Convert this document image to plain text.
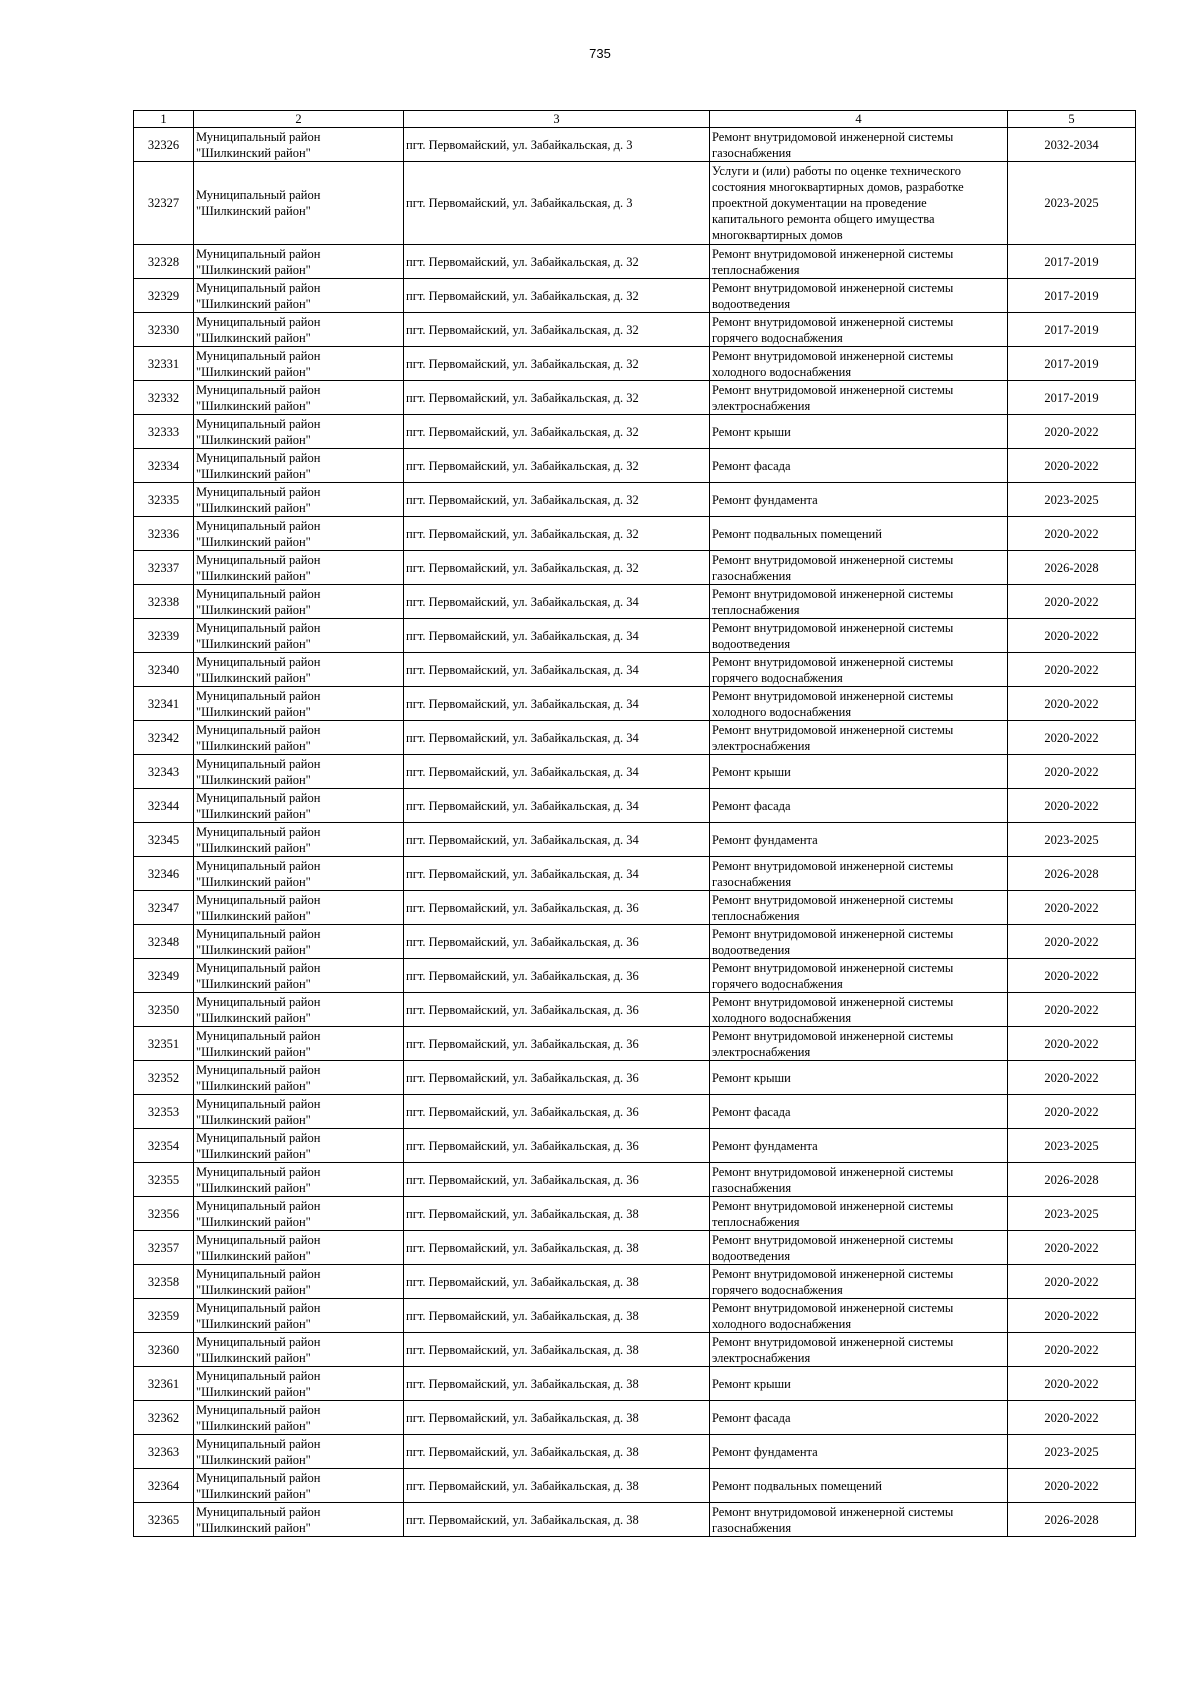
735
1	2	3	4	5

32326	Муниципальный район
"Шилкинский район"	пгт. Первомайский, ул. Забайкальская, д. 3	Ремонт внутридомовой инженерной системы
газоснабжения	2032-2034

32327	Муниципальный район
"Шилкинский район"	пгт. Первомайский, ул. Забайкальская, д. 3	Услуги и (или) работы по оценке технического
состояния многоквартирных домов, разработке
проектной документации на проведение
капитального ремонта общего имущества
многоквартирных домов	2023-2025

32328	Муниципальный район
"Шилкинский район"	пгт. Первомайский, ул. Забайкальская, д. 32	Ремонт внутридомовой инженерной системы
теплоснабжения	2017-2019

32329	Муниципальный район
"Шилкинский район"	пгт. Первомайский, ул. Забайкальская, д. 32	Ремонт внутридомовой инженерной системы
водоотведения	2017-2019

32330	Муниципальный район
"Шилкинский район"	пгт. Первомайский, ул. Забайкальская, д. 32	Ремонт внутридомовой инженерной системы
горячего водоснабжения	2017-2019

32331	Муниципальный район
"Шилкинский район"	пгт. Первомайский, ул. Забайкальская, д. 32	Ремонт внутридомовой инженерной системы
холодного водоснабжения	2017-2019

32332	Муниципальный район
"Шилкинский район"	пгт. Первомайский, ул. Забайкальская, д. 32	Ремонт внутридомовой инженерной системы
электроснабжения	2017-2019

32333	Муниципальный район
"Шилкинский район"	пгт. Первомайский, ул. Забайкальская, д. 32	Ремонт крыши	2020-2022

32334	Муниципальный район
"Шилкинский район"	пгт. Первомайский, ул. Забайкальская, д. 32	Ремонт фасада	2020-2022

32335	Муниципальный район
"Шилкинский район"	пгт. Первомайский, ул. Забайкальская, д. 32	Ремонт фундамента	2023-2025

32336	Муниципальный район
"Шилкинский район"	пгт. Первомайский, ул. Забайкальская, д. 32	Ремонт подвальных помещений	2020-2022

32337	Муниципальный район
"Шилкинский район"	пгт. Первомайский, ул. Забайкальская, д. 32	Ремонт внутридомовой инженерной системы
газоснабжения	2026-2028

32338	Муниципальный район
"Шилкинский район"	пгт. Первомайский, ул. Забайкальская, д. 34	Ремонт внутридомовой инженерной системы
теплоснабжения	2020-2022

32339	Муниципальный район
"Шилкинский район"	пгт. Первомайский, ул. Забайкальская, д. 34	Ремонт внутридомовой инженерной системы
водоотведения	2020-2022

32340	Муниципальный район
"Шилкинский район"	пгт. Первомайский, ул. Забайкальская, д. 34	Ремонт внутридомовой инженерной системы
горячего водоснабжения	2020-2022

32341	Муниципальный район
"Шилкинский район"	пгт. Первомайский, ул. Забайкальская, д. 34	Ремонт внутридомовой инженерной системы
холодного водоснабжения	2020-2022

32342	Муниципальный район
"Шилкинский район"	пгт. Первомайский, ул. Забайкальская, д. 34	Ремонт внутридомовой инженерной системы
электроснабжения	2020-2022

32343	Муниципальный район
"Шилкинский район"	пгт. Первомайский, ул. Забайкальская, д. 34	Ремонт крыши	2020-2022

32344	Муниципальный район
"Шилкинский район"	пгт. Первомайский, ул. Забайкальская, д. 34	Ремонт фасада	2020-2022

32345	Муниципальный район
"Шилкинский район"	пгт. Первомайский, ул. Забайкальская, д. 34	Ремонт фундамента	2023-2025

32346	Муниципальный район
"Шилкинский район"	пгт. Первомайский, ул. Забайкальская, д. 34	Ремонт внутридомовой инженерной системы
газоснабжения	2026-2028

32347	Муниципальный район
"Шилкинский район"	пгт. Первомайский, ул. Забайкальская, д. 36	Ремонт внутридомовой инженерной системы
теплоснабжения	2020-2022

32348	Муниципальный район
"Шилкинский район"	пгт. Первомайский, ул. Забайкальская, д. 36	Ремонт внутридомовой инженерной системы
водоотведения	2020-2022

32349	Муниципальный район
"Шилкинский район"	пгт. Первомайский, ул. Забайкальская, д. 36	Ремонт внутридомовой инженерной системы
горячего водоснабжения	2020-2022

32350	Муниципальный район
"Шилкинский район"	пгт. Первомайский, ул. Забайкальская, д. 36	Ремонт внутридомовой инженерной системы
холодного водоснабжения	2020-2022

32351	Муниципальный район
"Шилкинский район"	пгт. Первомайский, ул. Забайкальская, д. 36	Ремонт внутридомовой инженерной системы
электроснабжения	2020-2022

32352	Муниципальный район
"Шилкинский район"	пгт. Первомайский, ул. Забайкальская, д. 36	Ремонт крыши	2020-2022

32353	Муниципальный район
"Шилкинский район"	пгт. Первомайский, ул. Забайкальская, д. 36	Ремонт фасада	2020-2022

32354	Муниципальный район
"Шилкинский район"	пгт. Первомайский, ул. Забайкальская, д. 36	Ремонт фундамента	2023-2025

32355	Муниципальный район
"Шилкинский район"	пгт. Первомайский, ул. Забайкальская, д. 36	Ремонт внутридомовой инженерной системы
газоснабжения	2026-2028

32356	Муниципальный район
"Шилкинский район"	пгт. Первомайский, ул. Забайкальская, д. 38	Ремонт внутридомовой инженерной системы
теплоснабжения	2023-2025

32357	Муниципальный район
"Шилкинский район"	пгт. Первомайский, ул. Забайкальская, д. 38	Ремонт внутридомовой инженерной системы
водоотведения	2020-2022

32358	Муниципальный район
"Шилкинский район"	пгт. Первомайский, ул. Забайкальская, д. 38	Ремонт внутридомовой инженерной системы
горячего водоснабжения	2020-2022

32359	Муниципальный район
"Шилкинский район"	пгт. Первомайский, ул. Забайкальская, д. 38	Ремонт внутридомовой инженерной системы
холодного водоснабжения	2020-2022

32360	Муниципальный район
"Шилкинский район"	пгт. Первомайский, ул. Забайкальская, д. 38	Ремонт внутридомовой инженерной системы
электроснабжения	2020-2022

32361	Муниципальный район
"Шилкинский район"	пгт. Первомайский, ул. Забайкальская, д. 38	Ремонт крыши	2020-2022

32362	Муниципальный район
"Шилкинский район"	пгт. Первомайский, ул. Забайкальская, д. 38	Ремонт фасада	2020-2022

32363	Муниципальный район
"Шилкинский район"	пгт. Первомайский, ул. Забайкальская, д. 38	Ремонт фундамента	2023-2025

32364	Муниципальный район
"Шилкинский район"	пгт. Первомайский, ул. Забайкальская, д. 38	Ремонт подвальных помещений	2020-2022

32365	Муниципальный район
"Шилкинский район"	пгт. Первомайский, ул. Забайкальская, д. 38	Ремонт внутридомовой инженерной системы
газоснабжения	2026-2028
